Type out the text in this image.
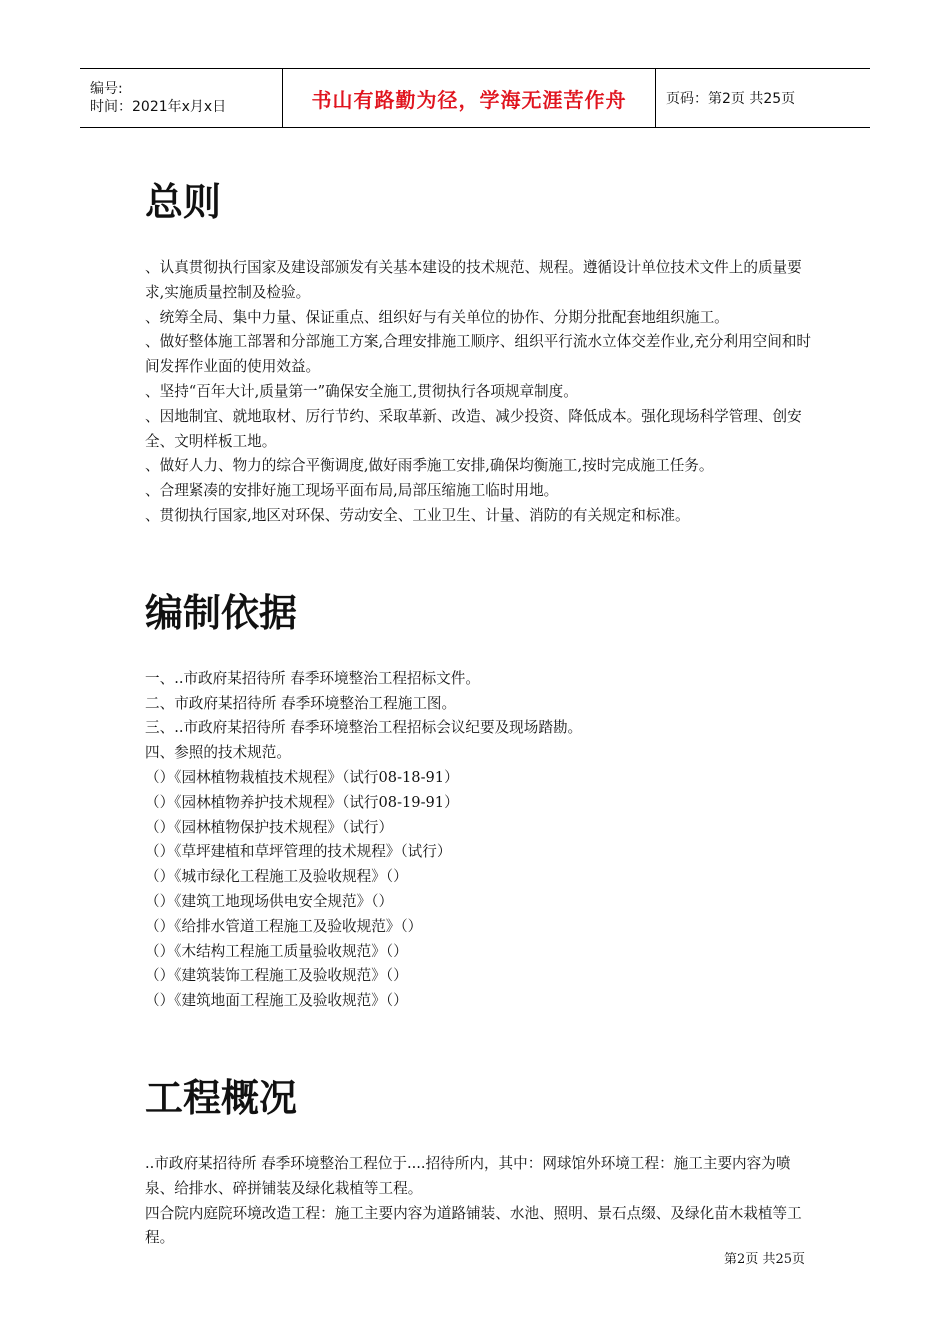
编号:
时间：2021年x月x日	书山有路勤为径，学海无涯苦作舟	页码：第2页 共25页
总则

、认真贯彻执行国家及建设部颁发有关基本建设的技术规范、规程。遵循设计单位技术文件上的质量要求,实施质量控制及检验。

、统筹全局、集中力量、保证重点、组织好与有关单位的协作、分期分批配套地组织施工。

、做好整体施工部署和分部施工方案,合理安排施工顺序、组织平行流水立体交差作业,充分利用空间和时间发挥作业面的使用效益。

、坚持“百年大计,质量第一”确保安全施工,贯彻执行各项规章制度。

、因地制宜、就地取材、厉行节约、采取革新、改造、减少投资、降低成本。强化现场科学管理、创安全、文明样板工地。

、做好人力、物力的综合平衡调度,做好雨季施工安排,确保均衡施工,按时完成施工任务。

、合理紧凑的安排好施工现场平面布局,局部压缩施工临时用地。

、贯彻执行国家,地区对环保、劳动安全、工业卫生、计量、消防的有关规定和标准。

编制依据

一、..市政府某招待所 春季环境整治工程招标文件。

二、市政府某招待所 春季环境整治工程施工图。

三、..市政府某招待所 春季环境整治工程招标会议纪要及现场踏勘。

四、参照的技术规范。

（）《园林植物栽植技术规程》（试行08-18-91）

（）《园林植物养护技术规程》（试行08-19-91）

（）《园林植物保护技术规程》（试行）

（）《草坪建植和草坪管理的技术规程》（试行）

（）《城市绿化工程施工及验收规程》（）

（）《建筑工地现场供电安全规范》（）

（）《给排水管道工程施工及验收规范》（）

（）《木结构工程施工质量验收规范》（）

（）《建筑装饰工程施工及验收规范》（）

（）《建筑地面工程施工及验收规范》（）

工程概况

..市政府某招待所 春季环境整治工程位于....招待所内，其中：网球馆外环境工程：施工主要内容为喷泉、给排水、碎拼铺装及绿化栽植等工程。

四合院内庭院环境改造工程：施工主要内容为道路铺装、水池、照明、景石点缀、及绿化苗木栽植等工程。

第2页 共25页
